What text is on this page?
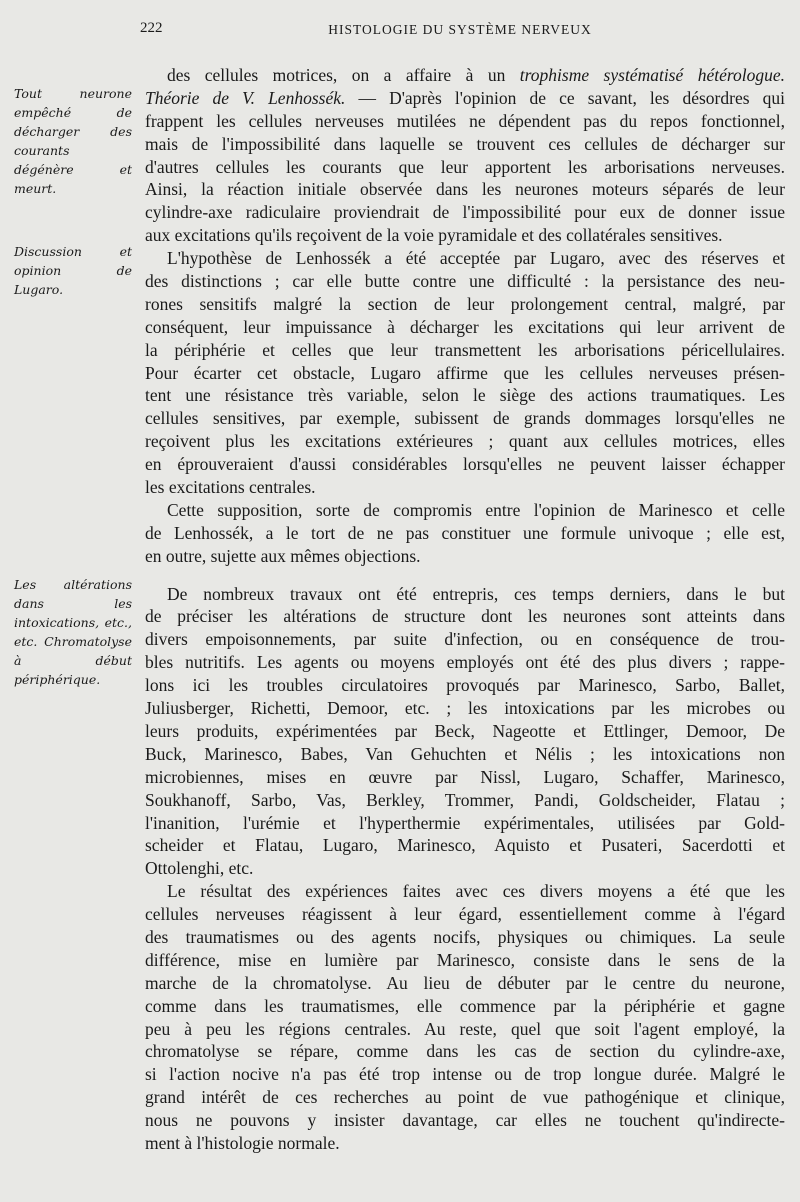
222	HISTOLOGIE DU SYSTÈME NERVEUX
Tout neurone empêché de décharger des courants dégénère et meurt.
Discussion et opinion de Lugaro.
Les altérations dans les intoxications, etc., etc. Chromatolyse à début périphérique.
des cellules motrices, on a affaire à un trophisme systématisé hétérologue.
Théorie de V. Lenhossék. — D'après l'opinion de ce savant, les désordres qui
frappent les cellules nerveuses mutilées ne dépendent pas du repos fonctionnel,
mais de l'impossibilité dans laquelle se trouvent ces cellules de décharger sur
d'autres cellules les courants que leur apportent les arborisations nerveuses.
Ainsi, la réaction initiale observée dans les neurones moteurs séparés de leur
cylindre-axe radiculaire proviendrait de l'impossibilité pour eux de donner issue
aux excitations qu'ils reçoivent de la voie pyramidale et des collatérales sensitives.
L'hypothèse de Lenhossék a été acceptée par Lugaro, avec des réserves et
des distinctions ; car elle butte contre une difficulté : la persistance des neu-
rones sensitifs malgré la section de leur prolongement central, malgré, par
conséquent, leur impuissance à décharger les excitations qui leur arrivent de
la périphérie et celles que leur transmettent les arborisations péricellulaires.
Pour écarter cet obstacle, Lugaro affirme que les cellules nerveuses présen-
tent une résistance très variable, selon le siège des actions traumatiques. Les
cellules sensitives, par exemple, subissent de grands dommages lorsqu'elles ne
reçoivent plus les excitations extérieures ; quant aux cellules motrices, elles
en éprouveraient d'aussi considérables lorsqu'elles ne peuvent laisser échapper
les excitations centrales.
Cette supposition, sorte de compromis entre l'opinion de Marinesco et celle
de Lenhossék, a le tort de ne pas constituer une formule univoque ; elle est,
en outre, sujette aux mêmes objections.
De nombreux travaux ont été entrepris, ces temps derniers, dans le but
de préciser les altérations de structure dont les neurones sont atteints dans
divers empoisonnements, par suite d'infection, ou en conséquence de trou-
bles nutritifs. Les agents ou moyens employés ont été des plus divers ; rappe-
lons ici les troubles circulatoires provoqués par Marinesco, Sarbo, Ballet,
Juliusberger, Richetti, Demoor, etc. ; les intoxications par les microbes ou
leurs produits, expérimentées par Beck, Nageotte et Ettlinger, Demoor, De
Buck, Marinesco, Babes, Van Gehuchten et Nélis ; les intoxications non
microbiennes, mises en œuvre par Nissl, Lugaro, Schaffer, Marinesco,
Soukhanoff, Sarbo, Vas, Berkley, Trommer, Pandi, Goldscheider, Flatau ;
l'inanition, l'urémie et l'hyperthermie expérimentales, utilisées par Gold-
scheider et Flatau, Lugaro, Marinesco, Aquisto et Pusateri, Sacerdotti et
Ottolenghi, etc.
Le résultat des expériences faites avec ces divers moyens a été que les
cellules nerveuses réagissent à leur égard, essentiellement comme à l'égard
des traumatismes ou des agents nocifs, physiques ou chimiques. La seule
différence, mise en lumière par Marinesco, consiste dans le sens de la
marche de la chromatolyse. Au lieu de débuter par le centre du neurone,
comme dans les traumatismes, elle commence par la périphérie et gagne
peu à peu les régions centrales. Au reste, quel que soit l'agent employé, la
chromatolyse se répare, comme dans les cas de section du cylindre-axe,
si l'action nocive n'a pas été trop intense ou de trop longue durée. Malgré le
grand intérêt de ces recherches au point de vue pathogénique et clinique,
nous ne pouvons y insister davantage, car elles ne touchent qu'indirecte-
ment à l'histologie normale.
